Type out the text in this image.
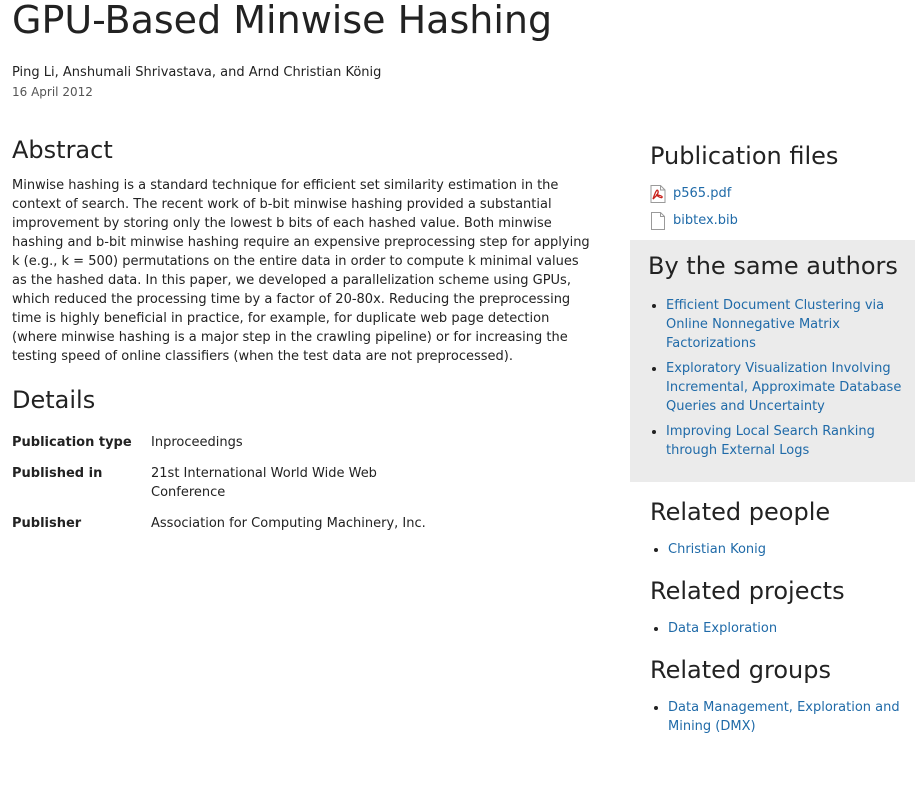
GPU-Based Minwise Hashing
Ping Li, Anshumali Shrivastava, and Arnd Christian König
16 April 2012
Abstract

Minwise hashing is a standard technique for efficient set similarity estimation in the context of search. The recent work of b-bit minwise hashing provided a substantial improvement by storing only the lowest b bits of each hashed value. Both minwise hashing and b-bit minwise hashing require an expensive preprocessing step for applying k (e.g., k = 500) permutations on the entire data in order to compute k minimal values as the hashed data. In this paper, we developed a parallelization scheme using GPUs, which reduced the processing time by a factor of 20-80x. Reducing the preprocessing time is highly beneficial in practice, for example, for duplicate web page detection (where minwise hashing is a major step in the crawling pipeline) or for increasing the testing speed of online classifiers (when the test data are not preprocessed).

Details
Publication type	Inproceedings
Published in	21st International World Wide Web Conference
Publisher	Association for Computing Machinery, Inc.
Publication files
p565.pdf
bibtex.bib
By the same authors
• Efficient Document Clustering via Online Nonnegative Matrix Factorizations
• Exploratory Visualization Involving Incremental, Approximate Database Queries and Uncertainty
• Improving Local Search Ranking through External Logs
Related people
• Christian Konig
Related projects
• Data Exploration
Related groups
• Data Management, Exploration and Mining (DMX)
